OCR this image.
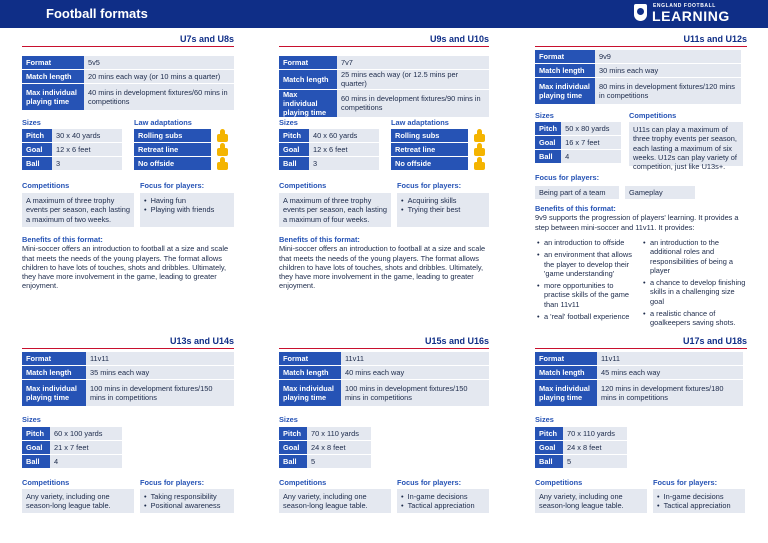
Football formats	ENGLAND FOOTBALL
LEARNING
U7s and U8s
Format	5v5
Match length	20 mins each way (or 10 mins a quarter)
Max individual playing time	40 mins in development fixtures/60 mins in competitions
Sizes
Pitch	30 x 40 yards
Goal	12 x 6 feet
Ball	3
Law adaptations
Rolling subs
Retreat line
No offside
Competitions
A maximum of three trophy events per season, each lasting a maximum of two weeks.
Focus for players:
• Having fun
• Playing with friends
Benefits of this format:
Mini-soccer offers an introduction to football at a size and scale that meets the needs of the young players. The format allows children to have lots of touches, shots and dribbles. Ultimately, they have more involvement in the game, leading to greater enjoyment.
U9s and U10s
Format	7v7
Match length	25 mins each way (or 12.5 mins per quarter)
Max individual playing time	60 mins in development fixtures/90 mins in competitions
Sizes
Pitch	40 x 60 yards
Goal	12 x 6 feet
Ball	3
Law adaptations
Rolling subs
Retreat line
No offside
Competitions
A maximum of three trophy events per season, each lasting a maximum of four weeks.
Focus for players:
• Acquiring skills
• Trying their best
Benefits of this format:
Mini-soccer offers an introduction to football at a size and scale that meets the needs of the young players. The format allows children to have lots of touches, shots and dribbles. Ultimately, they have more involvement in the game, leading to greater enjoyment.
U11s and U12s
Format	9v9
Match length	30 mins each way
Max individual playing time	80 mins in development fixtures/120 mins in competitions
Sizes
Pitch	50 x 80 yards
Goal	16 x 7 feet
Ball	4
Competitions
U11s can play a maximum of three trophy events per season, each lasting a maximum of six weeks. U12s can play variety of competition, just like U13s+.
Focus for players:
Being part of a team	Gameplay
Benefits of this format:
9v9 supports the progression of players' learning. It provides a step between mini-soccer and 11v11. It provides:
• an introduction to offside
• an environment that allows the player to develop their 'game understanding'
• more opportunities to practise skills of the game than 11v11
• a 'real' football experience
• an introduction to the additional roles and responsibilities of being a player
• a chance to develop finishing skills in a challenging size goal
• a realistic chance of goalkeepers saving shots.
U13s and U14s
Format	11v11
Match length	35 mins each way
Max individual playing time	100 mins in development fixtures/150 mins in competitions
Sizes
Pitch	60 x 100 yards
Goal	21 x 7 feet
Ball	4
Competitions
Any variety, including one season-long league table.
Focus for players:
• Taking responsibility
• Positional awareness
U15s and U16s
Format	11v11
Match length	40 mins each way
Max individual playing time	100 mins in development fixtures/150 mins in competitions
Sizes
Pitch	70 x 110 yards
Goal	24 x 8 feet
Ball	5
Competitions
Any variety, including one season-long league table.
Focus for players:
• In-game decisions
• Tactical appreciation
U17s and U18s
Format	11v11
Match length	45 mins each way
Max individual playing time	120 mins in development fixtures/180 mins in competitions
Sizes
Pitch	70 x 110 yards
Goal	24 x 8 feet
Ball	5
Competitions
Any variety, including one season-long league table.
Focus for players:
• In-game decisions
• Tactical appreciation
